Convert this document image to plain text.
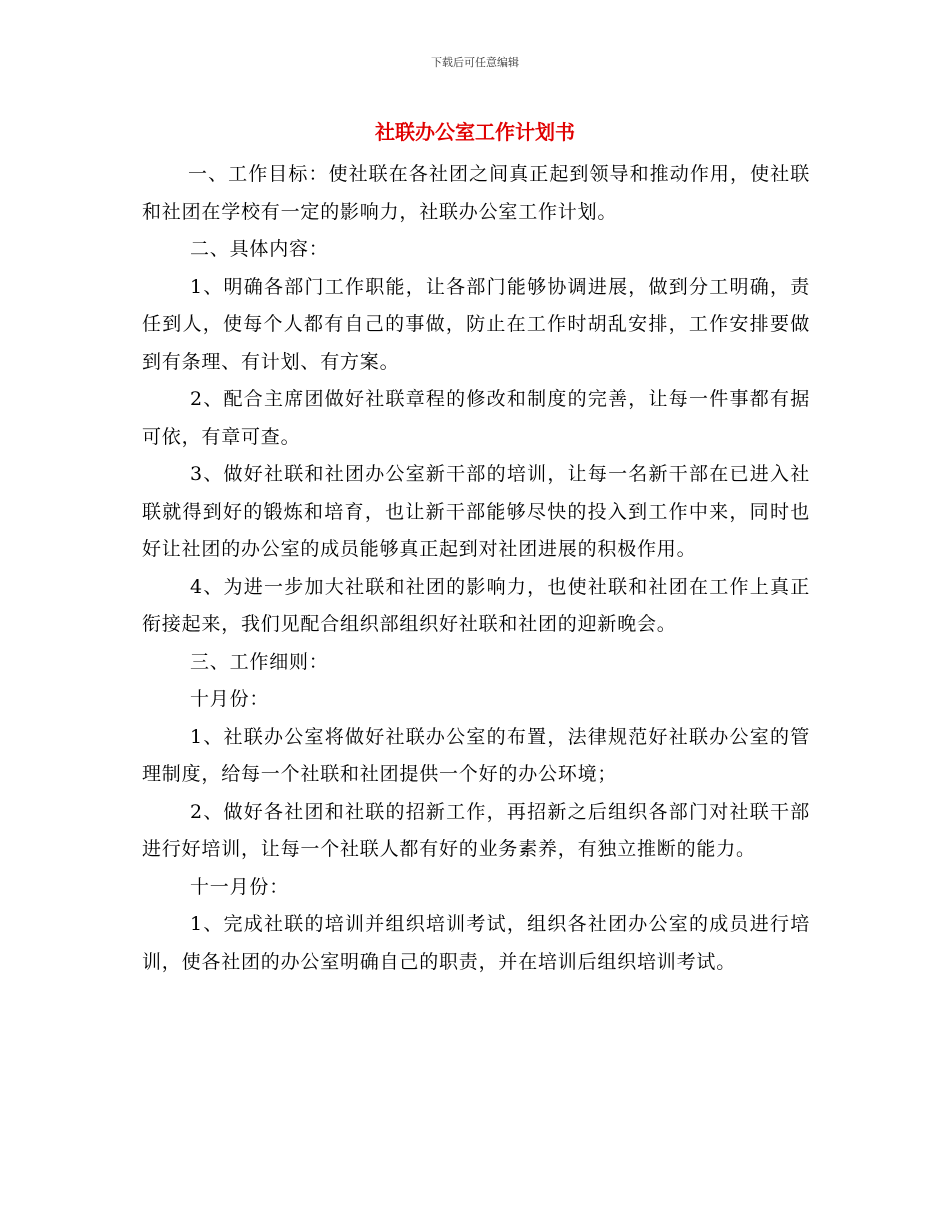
下载后可任意编辑
社联办公室工作计划书

一、工作目标：使社联在各社团之间真正起到领导和推动作用，使社联和社团在学校有一定的影响力，社联办公室工作计划。

二、具体内容：

1、明确各部门工作职能，让各部门能够协调进展，做到分工明确，责任到人，使每个人都有自己的事做，防止在工作时胡乱安排，工作安排要做到有条理、有计划、有方案。

2、配合主席团做好社联章程的修改和制度的完善，让每一件事都有据可依，有章可查。

3、做好社联和社团办公室新干部的培训，让每一名新干部在已进入社联就得到好的锻炼和培育，也让新干部能够尽快的投入到工作中来，同时也好让社团的办公室的成员能够真正起到对社团进展的积极作用。

4、为进一步加大社联和社团的影响力，也使社联和社团在工作上真正衔接起来，我们见配合组织部组织好社联和社团的迎新晚会。

三、工作细则：

十月份：

1、社联办公室将做好社联办公室的布置，法律规范好社联办公室的管理制度，给每一个社联和社团提供一个好的办公环境；

2、做好各社团和社联的招新工作，再招新之后组织各部门对社联干部进行好培训，让每一个社联人都有好的业务素养，有独立推断的能力。

十一月份：

1、完成社联的培训并组织培训考试，组织各社团办公室的成员进行培训，使各社团的办公室明确自己的职责，并在培训后组织培训考试。
